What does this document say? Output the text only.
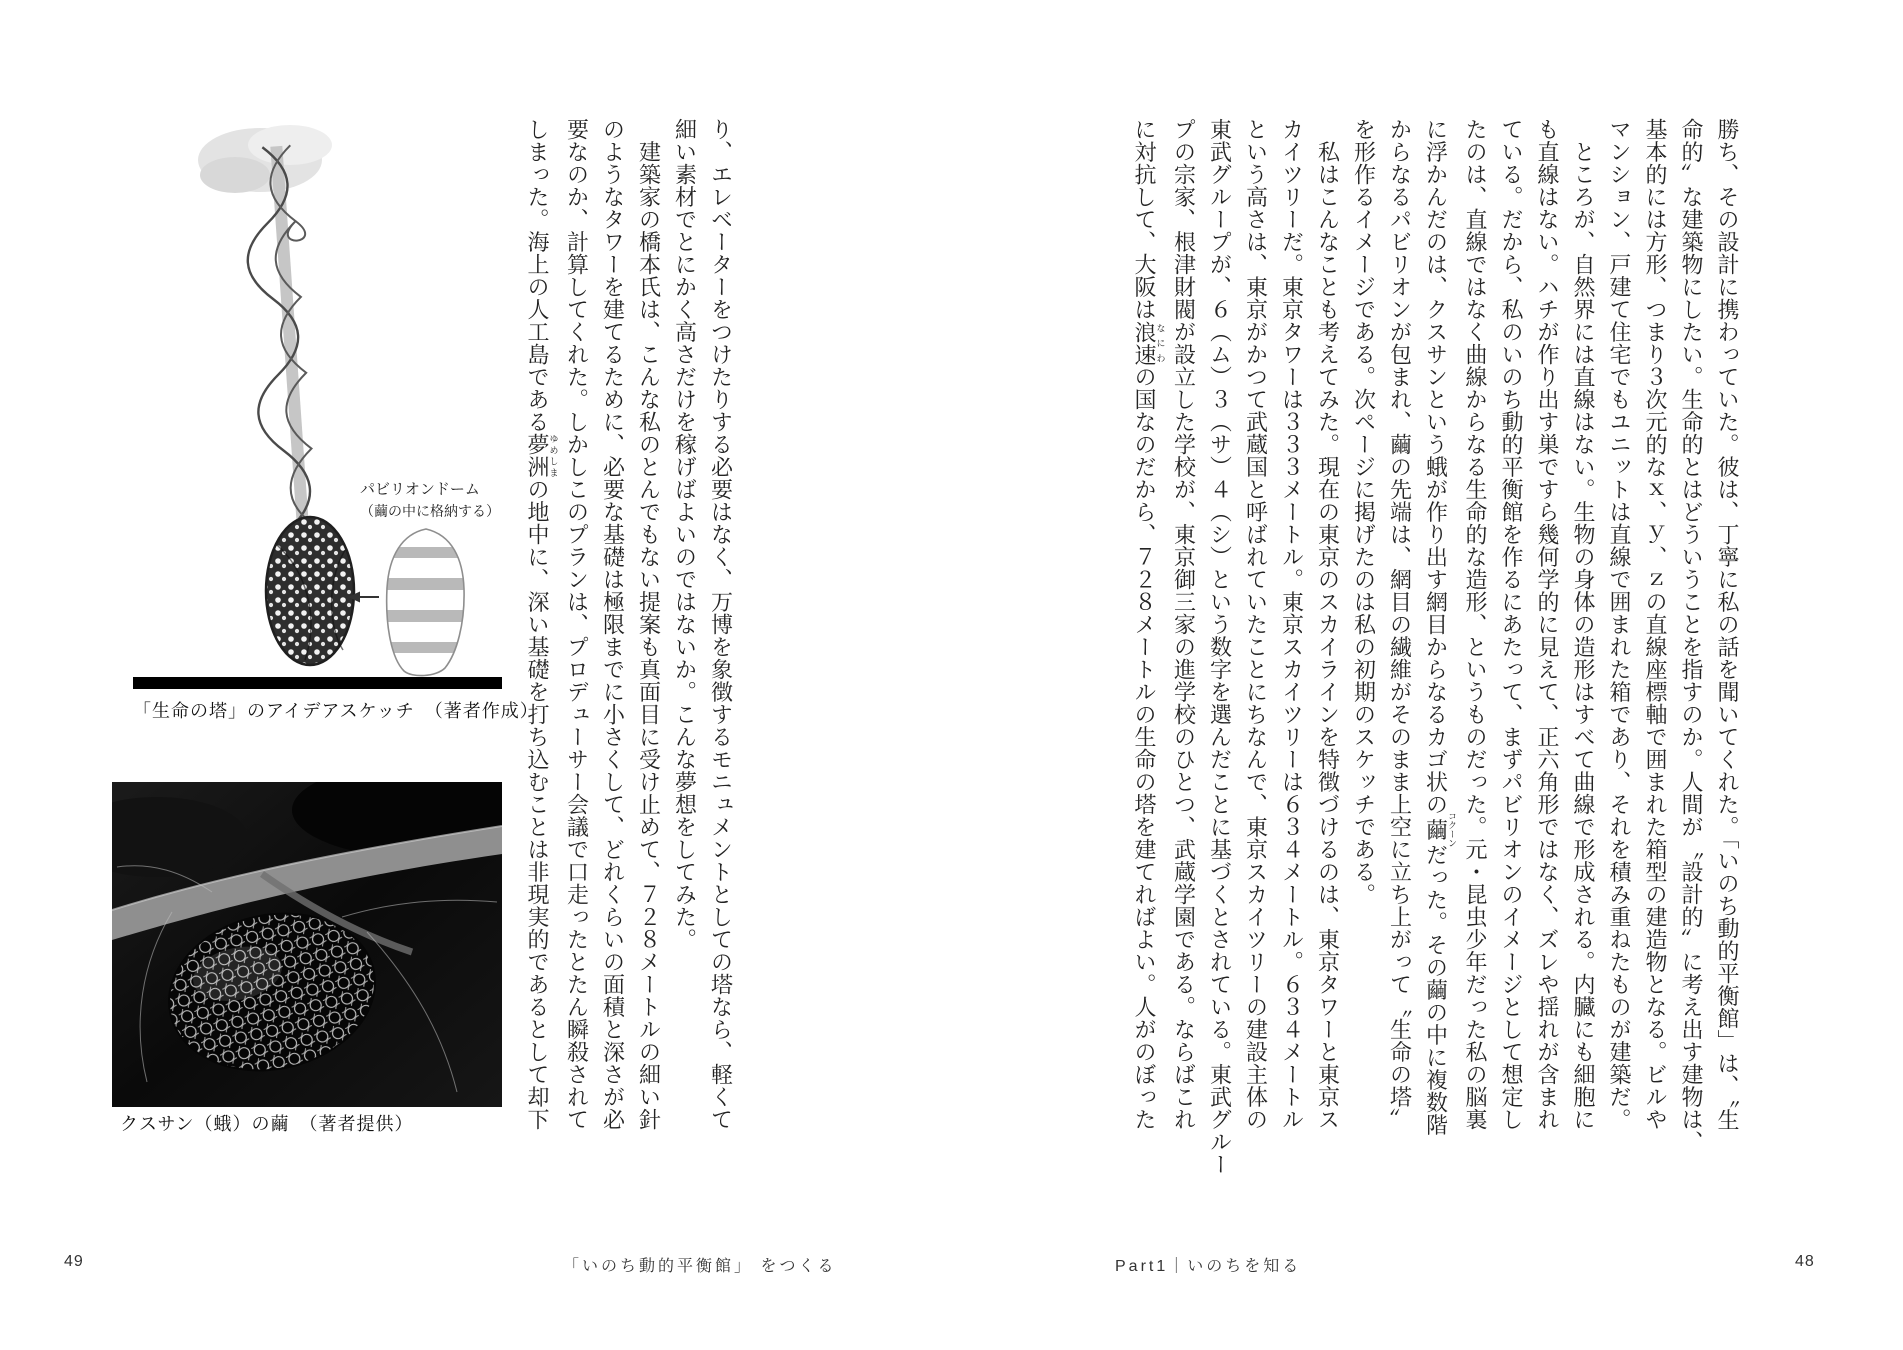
パビリオンドーム
（繭の中に格納する）
「生命の塔」のアイデアスケッチ　（著者作成）
クスサン（蛾）の繭　（著者提供）	り、エレベーターをつけたりする必要はなく、万博を象徴するモニュメントとしての塔なら、軽くて
細い素材でとにかく高さだけを稼げばよいのではないか。こんな夢想をしてみた。
　建築家の橋本氏は、こんな私のとんでもない提案も真面目に受け止めて、７２８メートルの細い針
のようなタワーを建てるために、必要な基礎は極限までに小さくして、どれくらいの面積と深さが必
要なのか、計算してくれた。しかしこのプランは、プロデューサー会議で口走ったとたん瞬殺されて
しまった。海上の人工島である夢洲ゆめしまの地中に、深い基礎を打ち込むことは非現実的であるとして却下	勝ち、その設計に携わっていた。彼は、丁寧に私の話を聞いてくれた。「いのち動的平衡館」は、〝生
命的〟な建築物にしたい。生命的とはどういうことを指すのか。人間が〝設計的〟に考え出す建物は、
基本的には方形、つまり３次元的なｘ、ｙ、ｚの直線座標軸で囲まれた箱型の建造物となる。ビルや
マンション、戸建て住宅でもユニットは直線で囲まれた箱であり、それを積み重ねたものが建築だ。
　ところが、自然界には直線はない。生物の身体の造形はすべて曲線で形成される。内臓にも細胞に
も直線はない。ハチが作り出す巣ですら幾何学的に見えて、正六角形ではなく、ズレや揺れが含まれ
ている。だから、私のいのち動的平衡館を作るにあたって、まずパビリオンのイメージとして想定し
たのは、直線ではなく曲線からなる生命的な造形、というものだった。元・昆虫少年だった私の脳裏
に浮かんだのは、クスサンという蛾が作り出す網目からなるカゴ状の繭コクーンだった。その繭の中に複数階
からなるパビリオンが包まれ、繭の先端は、網目の繊維がそのまま上空に立ち上がって〝生命の塔〟
を形作るイメージである。次ページに掲げたのは私の初期のスケッチである。
　私はこんなことも考えてみた。現在の東京のスカイラインを特徴づけるのは、東京タワーと東京ス
カイツリーだ。東京タワーは３３３メートル。東京スカイツリーは６３４メートル。６３４メートル
という高さは、東京がかつて武蔵国と呼ばれていたことにちなんで、東京スカイツリーの建設主体の
東武グループが、６（ム）３（サ）４（シ）という数字を選んだことに基づくとされている。東武グルー
プの宗家、根津財閥が設立した学校が、東京御三家の進学校のひとつ、武蔵学園である。ならばこれ
に対抗して、大阪は浪速なにわの国なのだから、７２８メートルの生命の塔を建てればよい。人がのぼった
49	「いのち動的平衡館」 をつくる	Part1｜いのちを知る	48
